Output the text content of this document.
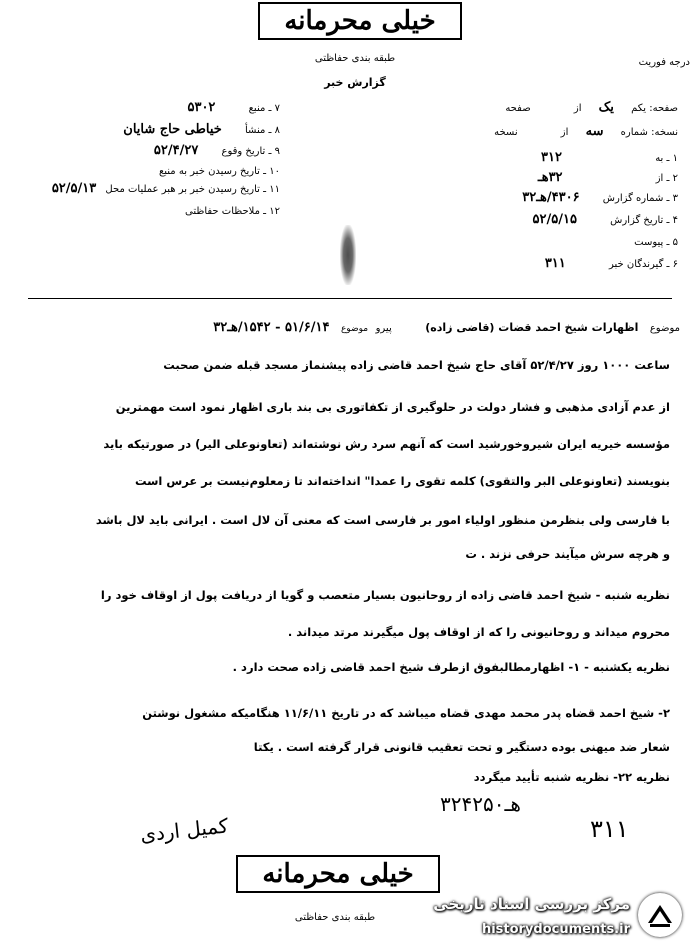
خیلی محرمانه
طبقه بندی حفاظتی
گزارش خبر
درجه فوریت
صفحه: یکم یک از صفحه
نسخه: شماره سه از نسخه
۱ ـ به ۳۱۲
۲ ـ از ۳۲هـ
۳ ـ شماره گزارش ۴۳۰۶/هـ۳۲
۴ ـ تاریخ گزارش ۵۲/۵/۱۵
۵ ـ پیوست
۶ ـ گیرندگان خبر ۳۱۱
۷ ـ منبع ۵۳۰۲
۸ ـ منشأ خیاطی حاج شایان
۹ ـ تاریخ وقوع ۵۲/۴/۲۷
۱۰ ـ تاریخ رسیدن خبر به منبع
۱۱ ـ تاریخ رسیدن خبر بر هبر عملیات محل ۵۲/۵/۱۳
۱۲ ـ ملاحظات حفاظتی
موضوع اظهارات شیخ احمد قضات (قاضی زاده) پیرو موضوع ۵۱/۶/۱۴ - ۱۵۴۲/هـ۳۲
ساعت ۱۰۰۰ روز ۵۲/۴/۲۷ آقای حاج شیخ احمد قاضی زاده پیشنماز مسجد قبله ضمن صحبت
از عدم آزادی مذهبی و فشار دولت در حلوگیری از تکفاتوری بی بند باری اظهار نمود است مهمترین
مؤسسه خیریه ایران شیروخورشید است که آنهم سرد رش نوشته‌اند (تعاونوعلی الیر) در صورتیکه باید
بنویسند (تعاونوعلی البر والتقوی) کلمه تقوی را عمدا" انداخته‌اند تا زمعلوم‌نیست بر عرس است
با فارسی ولی بنظرمن منظور اولیاء امور بر فارسی است که معنی آن لال است . ایرانی باید لال باشد
و هرچه سرش میآیند حرفی نزند . ت
نظریه شنبه - شیخ احمد قاضی زاده از روحانیون بسیار متعصب و گویا از دریافت پول از اوقاف خود را
محروم میداند و روحانیونی را که از اوقاف پول میگیرند مرتد میداند .
نظریه یکشنبه - ۱- اظهارمطالبفوق ازطرف شیخ احمد قاضی زاده صحت دارد .
۲- شیخ احمد قضاه پدر محمد مهدی قضاه میباشد که در تاریخ ۱۱/۶/۱۱ هنگامیکه مشغول نوشتن
شعار ضد میهنی بوده دستگیر و تحت تعقیب قانونی قرار گرفته است . یکتا
نظریه ۲۲- نظریه شنبه تأیید میگردد
۳۲هـ۴۲۵۰
۳۱۱
کمیل اردی
خیلی محرمانه
طبقه بندی حفاظتی
مرکز بررسی اسناد تاریخی
historydocuments.ir
